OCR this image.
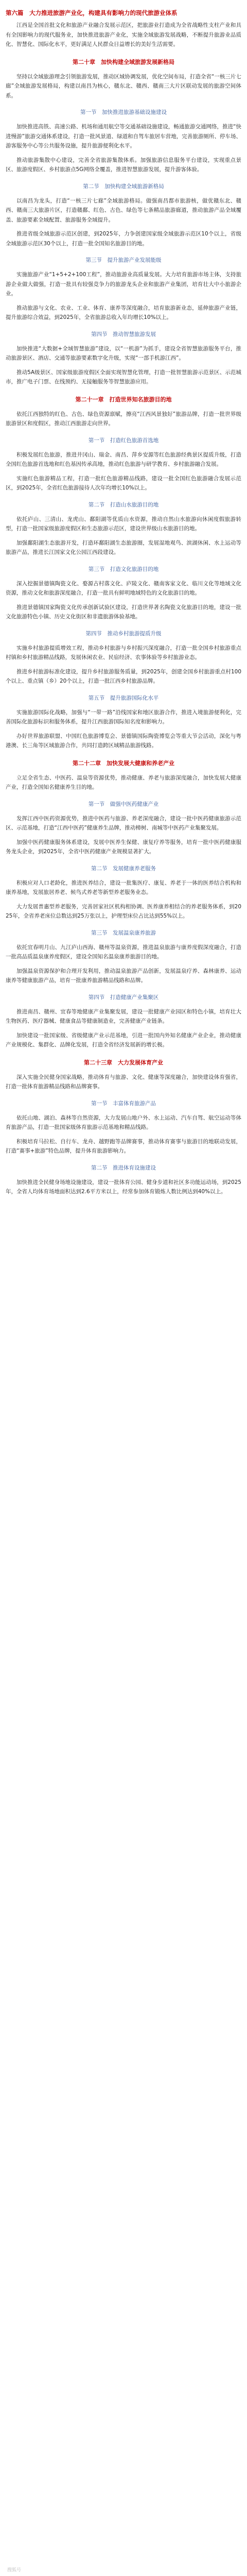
第六篇　大力推进旅游产业化，构建具有影响力的现代旅游业体系

江西是全国首批文化和旅游产业融合发展示范区，把旅游业打造成为全省战略性支柱产业和具有全国影响力的现代服务业，加快推进旅游产业化，实施全域旅游发展战略，不断提升旅游业品质化、智慧化、国际化水平，更好满足人民群众日益增长的美好生活需要。

第二十章　加快构建全域旅游发展新格局

坚持以全域旅游理念引领旅游发展，推动区域协调发展，优化空间布局，打造全省“一核三片七廊”全域旅游发展格局，构建以南昌为核心，赣东北、赣西、赣南三大片区联动发展的旅游空间体系。

第一节　加快推进旅游基础设施建设

加快推进高铁、高速公路、机场和通用航空等交通基础设施建设，畅通旅游交通网络，推进“快进慢游”旅游交通体系建设，打造一批风景道、绿道和自驾车旅居车营地，完善旅游厕所、停车场、游客服务中心等公共服务设施，提升旅游便利化水平。

推动旅游集散中心建设，完善全省旅游集散体系。加强旅游信息服务平台建设，实现重点景区、旅游度假区、乡村旅游点5G网络全覆盖，推进智慧旅游发展，提升游客体验。

第二节　加快构建全域旅游新格局

以南昌为龙头，打造“一核三片七廊”全域旅游格局。做强南昌都市旅游核，做优赣东北、赣西、赣南三大旅游片区，打造赣鄱、红色、古色、绿色等七条精品旅游廊道，推动旅游产品全域覆盖、旅游要素全域配置、旅游服务全域提升。

推进省级全域旅游示范区创建，到2025年，力争创建国家级全域旅游示范区10个以上，省级全域旅游示范区30个以上，打造一批全国知名旅游目的地。

第三节　提升旅游产业发展能级

实施旅游产业“1+5+2+100工程”，推动旅游业高质量发展。大力培育旅游市场主体，支持旅游企业做大做强，打造一批具有较强竞争力的旅游龙头企业和旅游产业集团，培育壮大中小旅游企业。

推动旅游与文化、农业、工业、体育、康养等深度融合，培育旅游新业态，延伸旅游产业链，提升旅游综合效益，到2025年，全省旅游总收入年均增长10%以上。

第四节　推动智慧旅游发展

加快推进“大数据+全域智慧旅游”建设，以“一机游”为抓手，建设全省智慧旅游服务平台，推动旅游景区、酒店、交通等旅游要素数字化升级，实现“一部手机游江西”。

推动5A级景区、国家级旅游度假区全面实现智慧化管理，打造一批智慧旅游示范景区、示范城市，推广电子门票、在线预约、无接触服务等智慧旅游应用。

第二十一章　打造世界知名旅游目的地

依托江西独特的红色、古色、绿色资源禀赋，擦亮“江西风景独好”旅游品牌，打造一批世界级旅游景区和度假区，推动江西旅游走向世界。

第一节　打造红色旅游首选地

积极发展红色旅游，推进井冈山、瑞金、南昌、萍乡安源等红色旅游经典景区提质升级，打造全国红色旅游首选地和红色基因传承高地，推动红色旅游与研学教育、乡村旅游融合发展。

实施红色旅游精品工程，打造一批红色旅游精品线路，建设一批全国红色旅游融合发展示范区，到2025年，全省红色旅游接待人次年均增长10%以上。

第二节　打造山水旅游目的地

依托庐山、三清山、龙虎山、鄱阳湖等优质山水资源，推动自然山水旅游向休闲度假旅游转型，打造一批国家级旅游度假区和生态旅游示范区，建设世界级山水旅游目的地。

加强鄱阳湖生态旅游开发，打造环鄱阳湖生态旅游圈，发展湿地观鸟、滨湖休闲、水上运动等旅游产品，推进长江国家文化公园江西段建设。

第三节　打造文化旅游目的地

深入挖掘景德镇陶瓷文化、婺源古村落文化、庐陵文化、赣南客家文化、临川文化等地域文化资源，推动文化和旅游深度融合，打造一批具有鲜明地域特色的文化旅游目的地。

推进景德镇国家陶瓷文化传承创新试验区建设，打造世界著名陶瓷文化旅游目的地，建设一批文化旅游特色小镇、历史文化街区和非遗旅游体验基地。

第四节　推动乡村旅游提质升级

实施乡村旅游提质增效工程，推动乡村旅游与乡村振兴深度融合，打造一批全国乡村旅游重点村镇和乡村旅游精品线路，发展休闲农业、民宿经济、农事体验等乡村旅游业态。

推进乡村旅游标准化建设，提升乡村旅游服务质量，到2025年，创建全国乡村旅游重点村100个以上、重点镇（乡）20个以上，打造一批江西乡村旅游品牌。

第五节　提升旅游国际化水平

实施旅游国际化战略，加强与“一带一路”沿线国家和地区旅游合作，推进入境旅游便利化，完善国际化旅游标识和服务体系，提升江西旅游国际知名度和影响力。

办好世界旅游联盟、中国红色旅游博览会、景德镇国际陶瓷博览会等重大节会活动，深化与粤港澳、长三角等区域旅游合作，共同打造跨区域精品旅游线路。

第二十二章　加快发展大健康和养老产业

立足全省生态、中医药、温泉等资源优势，推动健康、养老与旅游深度融合，加快发展大健康产业，打造全国知名健康养生目的地。

第一节　做强中医药健康产业

发挥江西中医药资源优势，推进中医药与旅游、养老深度融合，建设一批中医药健康旅游示范区、示范基地，打造“江西中医药”健康养生品牌，推动樟树、南城等中医药产业集聚发展。

加强中医药健康服务体系建设，发展中医养生保健、康复疗养等服务，培育一批中医药健康服务龙头企业，到2025年，全省中医药健康产业规模显著扩大。

第二节　发展健康养老服务

积极应对人口老龄化，推进医养结合，建设一批集医疗、康复、养老于一体的医养结合机构和康养基地，发展旅居养老、候鸟式养老等新型养老服务业态。

大力发展普惠型养老服务，完善居家社区机构相协调、医养康养相结合的养老服务体系，到2025年，全省养老床位总数达到25万张以上，护理型床位占比达到55%以上。

第三节　发展温泉康养旅游

依托宜春明月山、九江庐山西海、赣州等温泉资源，推进温泉旅游与康养度假深度融合，打造一批高品质温泉康养度假区，建设全国知名温泉康养旅游目的地。

加强温泉资源保护和合理开发利用，推动温泉旅游产品创新，发展温泉疗养、森林康养、运动康养等健康旅游产品，培育一批康养旅游精品线路和品牌。

第四节　打造健康产业集聚区

推进南昌、赣州、宜春等地健康产业集聚发展，建设一批健康产业园区和特色小镇，培育壮大生物医药、医疗器械、健康食品等健康制造业，完善健康产业链条。

加快建设一批国家级、省级健康产业示范基地，引进一批国内外知名健康产业企业，推动健康产业规模化、集群化、品牌化发展，打造全省经济发展新的增长极。

第二十三章　大力发展体育产业

深入实施全民健身国家战略，推动体育与旅游、文化、健康等深度融合，加快建设体育强省，打造一批体育旅游精品线路和品牌赛事。

第一节　丰富体育旅游产品

依托山地、湖泊、森林等自然资源，大力发展山地户外、水上运动、汽车自驾、航空运动等体育旅游产品，打造一批国家级体育旅游示范基地和精品线路。

积极培育马拉松、自行车、龙舟、越野跑等品牌赛事，推动体育赛事与旅游目的地联动发展，打造“赛事+旅游”特色品牌，提升体育旅游影响力。

第二节　推进体育设施建设

加快推进全民健身场地设施建设，建设一批体育公园、健身步道和社区多功能运动场，到2025年，全省人均体育场地面积达到2.6平方米以上，经常参加体育锻炼人数比例达到40%以上。

搜狐号
